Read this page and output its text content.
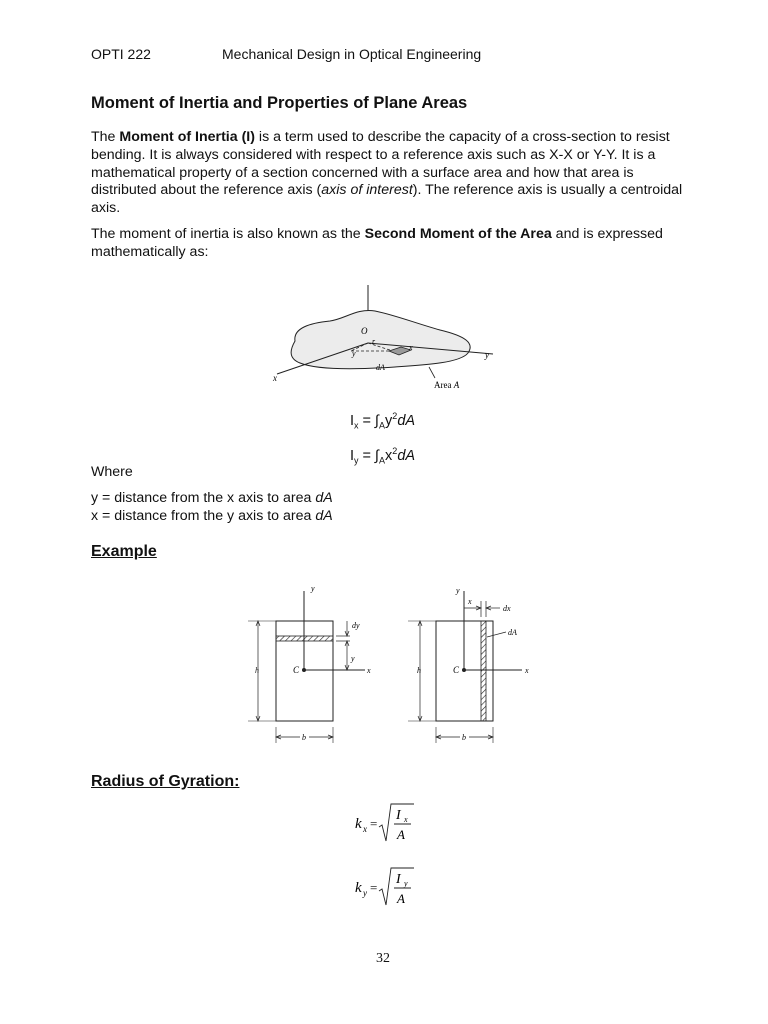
OPTI 222	Mechanical Design in Optical Engineering
Moment of Inertia and Properties of Plane Areas

The Moment of Inertia (I) is a term used to describe the capacity of a cross-section to resist bending. It is always considered with respect to a reference axis such as X-X or Y-Y. It is a mathematical property of a section concerned with a surface area and how that area is distributed about the reference axis (axis of interest). The reference axis is usually a centroidal axis.

The moment of inertia is also known as the Second Moment of the Area and is expressed mathematically as:

O
r
x
y
dA
y
x
Area A
$I_x = \int_Ay^2dA$
$I_y = \int_Ax^2dA$
Where
y = distance from the x axis to area dA
x = distance from the y axis to area dA
Example
y
x
C
dy
y
h
b
y
x
C
x
dx
dA
h
b
Radius of Gyration:
k x =
I x
A
k y =
I y
A
32
